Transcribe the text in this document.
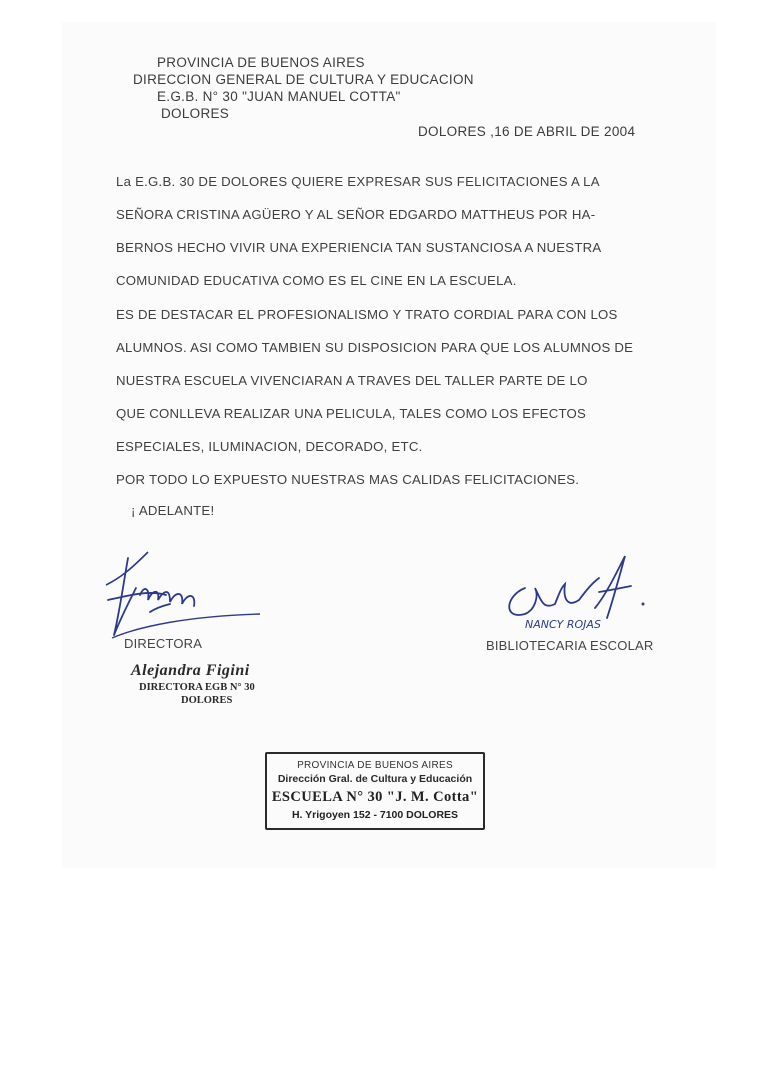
PROVINCIA DE BUENOS AIRES
DIRECCION GENERAL DE CULTURA Y EDUCACION
E.G.B. N° 30 "JUAN MANUEL COTTA"
DOLORES
DOLORES ,16 DE ABRIL DE 2004
La E.G.B. 30 DE DOLORES QUIERE EXPRESAR SUS FELICITACIONES A LA
SEÑORA CRISTINA AGÜERO Y AL SEÑOR EDGARDO MATTHEUS POR HA-
BERNOS HECHO VIVIR UNA EXPERIENCIA TAN SUSTANCIOSA A NUESTRA
COMUNIDAD EDUCATIVA COMO ES EL CINE EN LA ESCUELA.
ES DE DESTACAR EL PROFESIONALISMO Y TRATO CORDIAL PARA CON LOS
ALUMNOS. ASI COMO TAMBIEN SU DISPOSICION PARA QUE LOS ALUMNOS DE
NUESTRA ESCUELA VIVENCIARAN A TRAVES DEL TALLER PARTE DE LO
QUE CONLLEVA REALIZAR UNA PELICULA, TALES COMO LOS EFECTOS
ESPECIALES, ILUMINACION, DECORADO, ETC.
POR TODO LO EXPUESTO NUESTRAS MAS CALIDAS FELICITACIONES.
¡ ADELANTE!
DIRECTORA
Alejandra Figini
DIRECTORA EGB N° 30
DOLORES
NANCY ROJAS
BIBLIOTECARIA ESCOLAR
PROVINCIA DE BUENOS AIRES
Dirección Gral. de Cultura y Educación
ESCUELA N° 30 "J. M. Cotta"
H. Yrigoyen 152 - 7100 DOLORES
